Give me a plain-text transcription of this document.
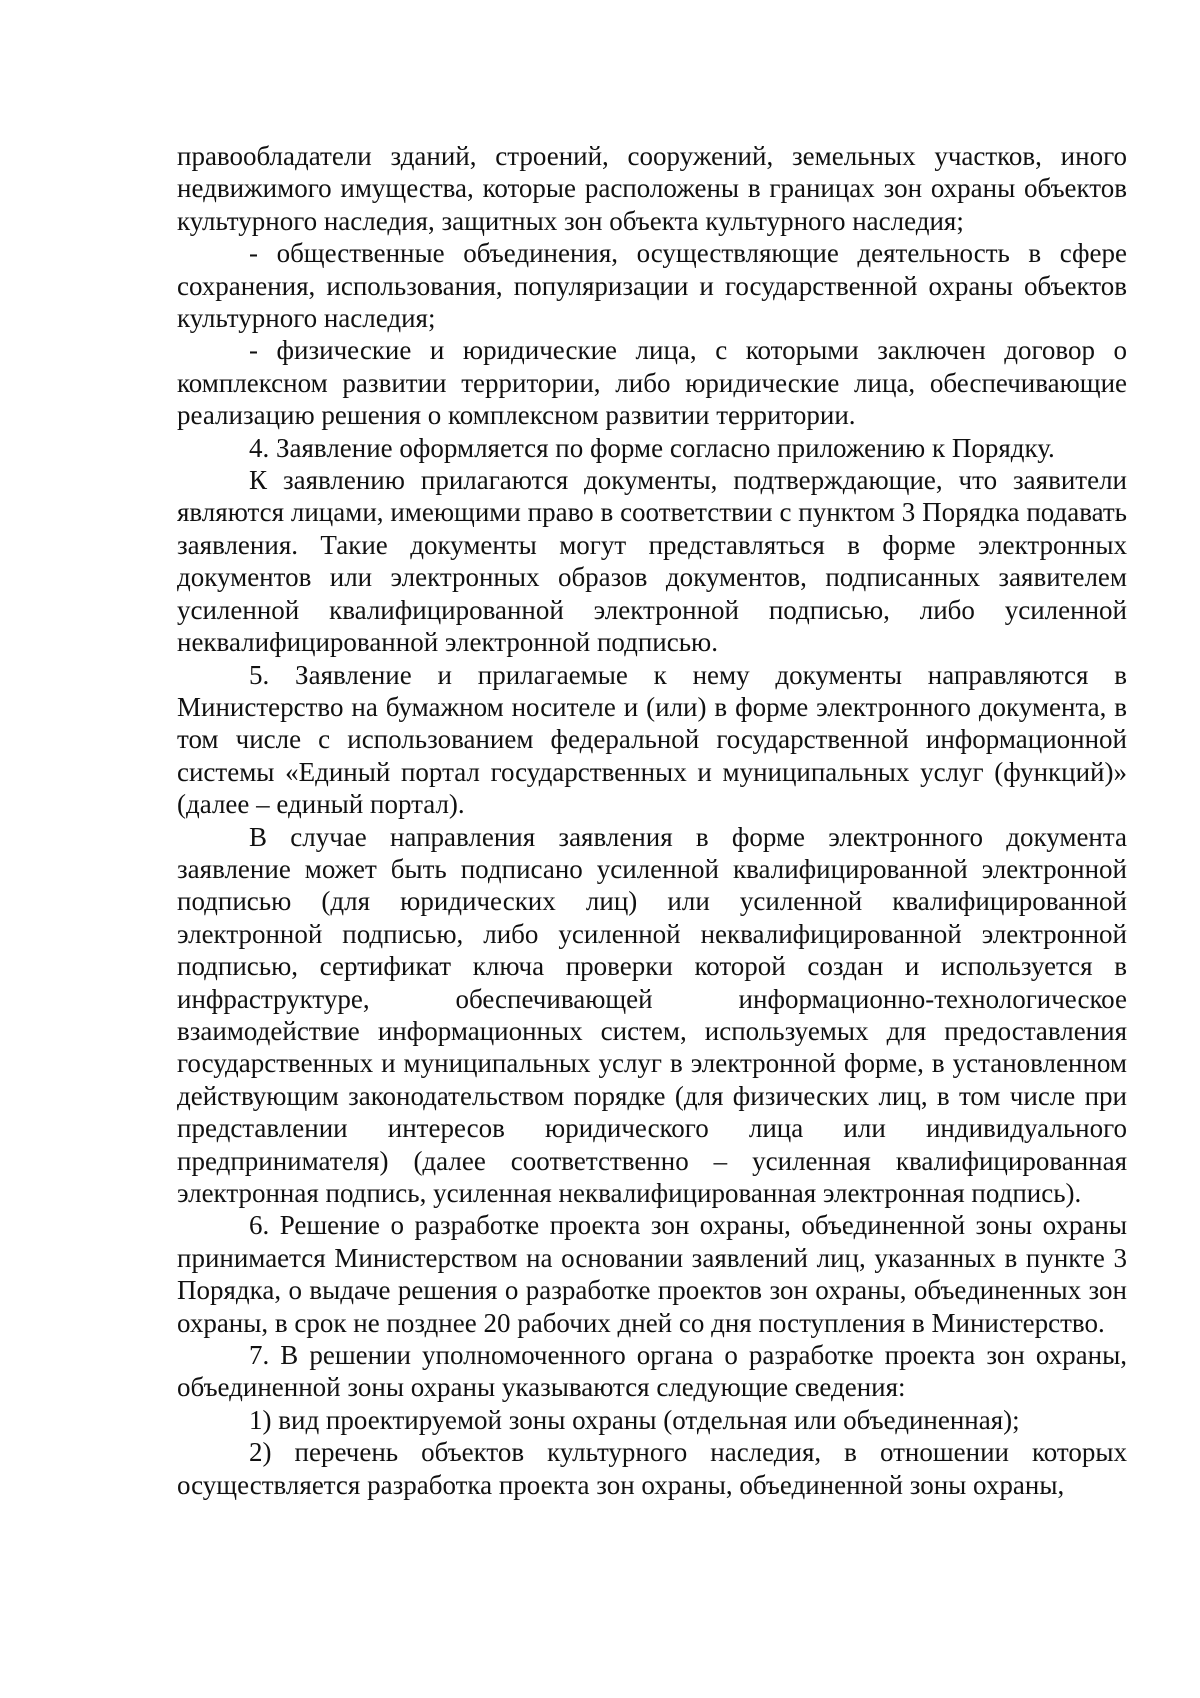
правообладатели зданий, строений, сооружений, земельных участков, иного недвижимого имущества, которые расположены в границах зон охраны объектов культурного наследия, защитных зон объекта культурного наследия;

- общественные объединения, осуществляющие деятельность в сфере сохранения, использования, популяризации и государственной охраны объектов культурного наследия;

- физические и юридические лица, с которыми заключен договор о комплексном развитии территории, либо юридические лица, обеспечивающие реализацию решения о комплексном развитии территории.

4. Заявление оформляется по форме согласно приложению к Порядку.

К заявлению прилагаются документы, подтверждающие, что заявители являются лицами, имеющими право в соответствии с пунктом 3 Порядка подавать заявления. Такие документы могут представляться в форме электронных документов или электронных образов документов, подписанных заявителем усиленной квалифицированной электронной подписью, либо усиленной неквалифицированной электронной подписью.

5. Заявление и прилагаемые к нему документы направляются в Министерство на бумажном носителе и (или) в форме электронного документа, в том числе с использованием федеральной государственной информационной системы «Единый портал государственных и муниципальных услуг (функций)» (далее – единый портал).

В случае направления заявления в форме электронного документа заявление может быть подписано усиленной квалифицированной электронной подписью (для юридических лиц) или усиленной квалифицированной электронной подписью, либо усиленной неквалифицированной электронной подписью, сертификат ключа проверки которой создан и используется в инфраструктуре, обеспечивающей информационно-технологическое взаимодействие информационных систем, используемых для предоставления государственных и муниципальных услуг в электронной форме, в установленном действующим законодательством порядке (для физических лиц, в том числе при представлении интересов юридического лица или индивидуального предпринимателя) (далее соответственно – усиленная квалифицированная электронная подпись, усиленная неквалифицированная электронная подпись).

6. Решение о разработке проекта зон охраны, объединенной зоны охраны принимается Министерством на основании заявлений лиц, указанных в пункте 3 Порядка, о выдаче решения о разработке проектов зон охраны, объединенных зон охраны, в срок не позднее 20 рабочих дней со дня поступления в Министерство.

7. В решении уполномоченного органа о разработке проекта зон охраны, объединенной зоны охраны указываются следующие сведения:

1) вид проектируемой зоны охраны (отдельная или объединенная);

2) перечень объектов культурного наследия, в отношении которых осуществляется разработка проекта зон охраны, объединенной зоны охраны,
